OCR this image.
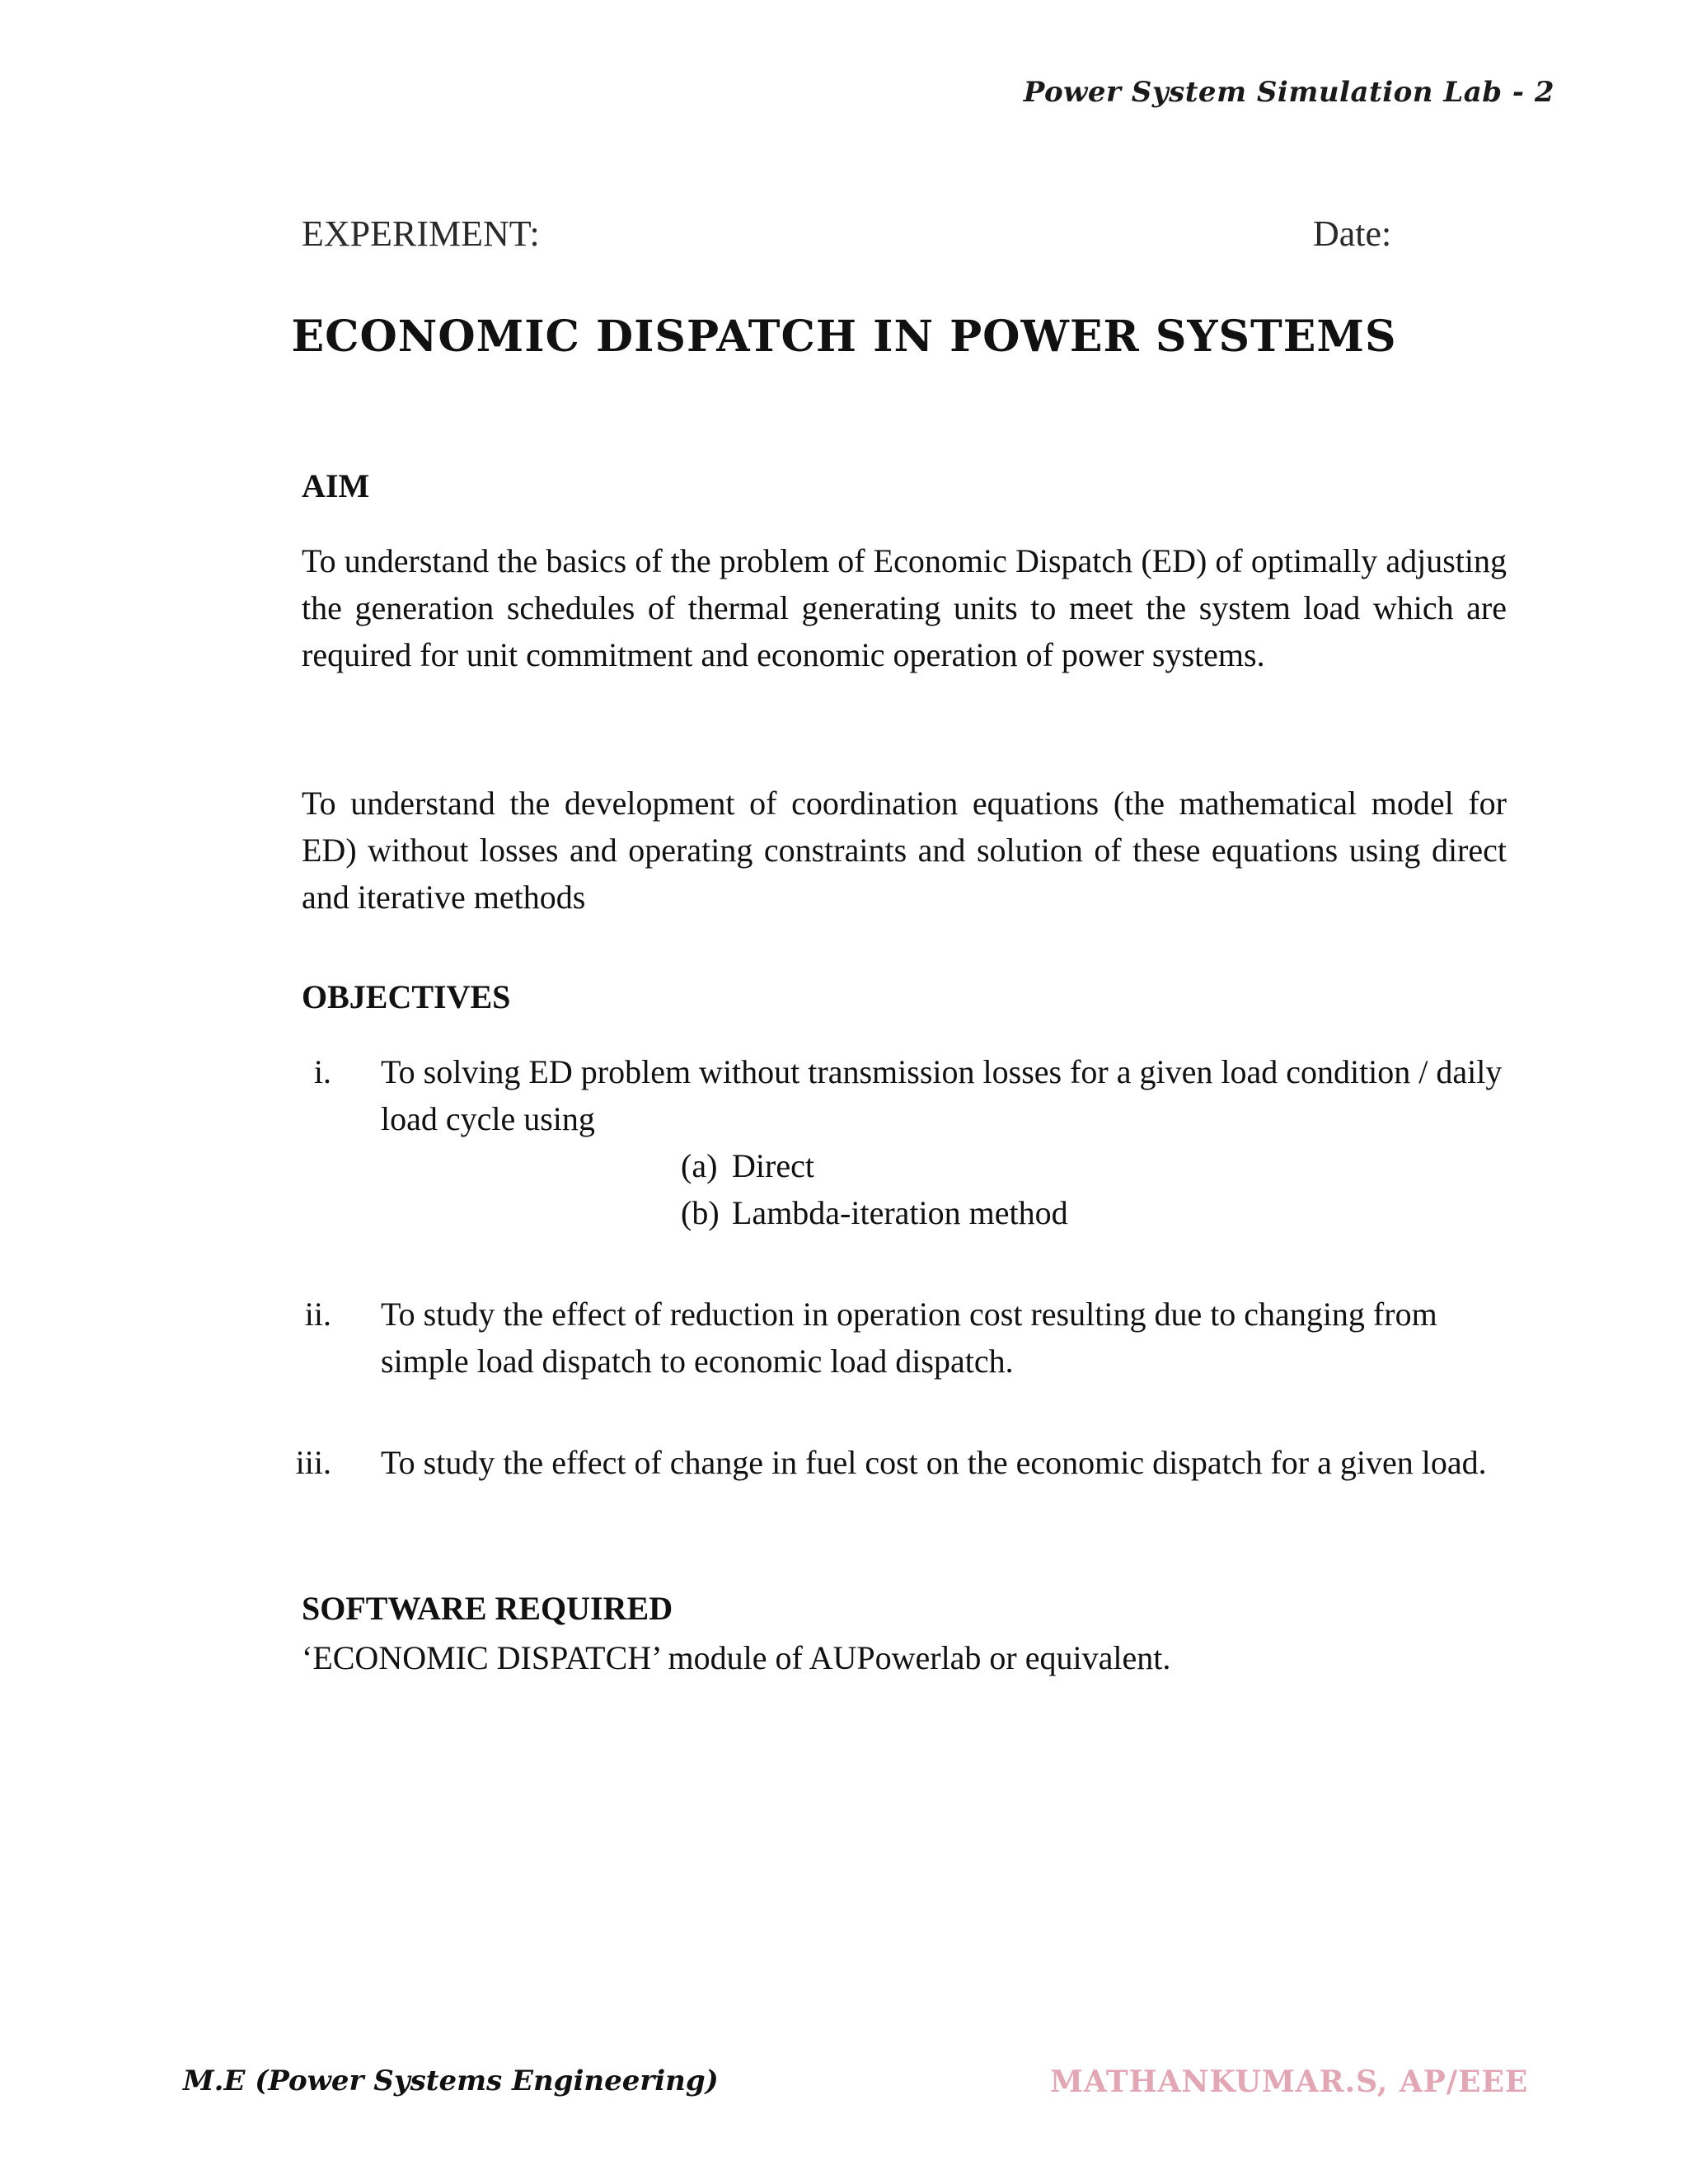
Power System Simulation Lab - 2
EXPERIMENT:	Date:
ECONOMIC DISPATCH IN POWER SYSTEMS
AIM
To understand the basics of the problem of Economic Dispatch (ED) of optimally adjusting the generation schedules of thermal generating units to meet the system load which are required for unit commitment and economic operation of power systems.
To understand the development of coordination equations (the mathematical model for ED) without losses and operating constraints and solution of these equations using direct and iterative methods
OBJECTIVES
i. To solving ED problem without transmission losses for a given load condition / daily load cycle using
(a) Direct
(b) Lambda-iteration method
ii. To study the effect of reduction in operation cost resulting due to changing from simple load dispatch to economic load dispatch.
iii. To study the effect of change in fuel cost on the economic dispatch for a given load.
SOFTWARE REQUIRED
‘ECONOMIC DISPATCH’ module of AUPowerlab or equivalent.
M.E (Power Systems Engineering)	MATHANKUMAR.S, AP/EEE
